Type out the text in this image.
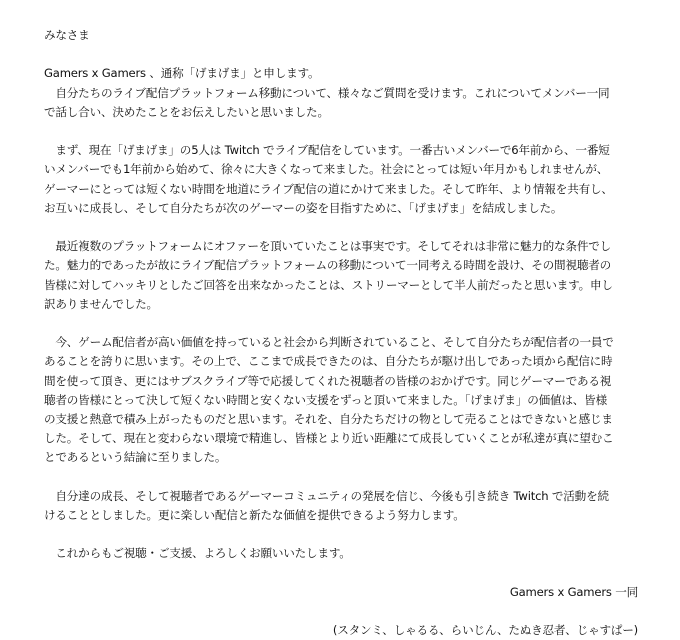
みなさま
Gamers x Gamers 、通称「げまげま」と申します。
　自分たちのライブ配信プラットフォーム移動について、様々なご質問を受けます。これについてメンバー一同
で話し合い、決めたことをお伝えしたいと思いました。
　まず、現在「げまげま」の5人は Twitch でライブ配信をしています。一番古いメンバーで6年前から、一番短
いメンバーでも1年前から始めて、徐々に大きくなって来ました。社会にとっては短い年月かもしれませんが、
ゲーマーにとっては短くない時間を地道にライブ配信の道にかけて来ました。そして昨年、より情報を共有し、
お互いに成長し、そして自分たちが次のゲーマーの姿を目指すために、「げまげま」を結成しました。
　最近複数のプラットフォームにオファーを頂いていたことは事実です。そしてそれは非常に魅力的な条件でし
た。魅力的であったが故にライブ配信プラットフォームの移動について一同考える時間を設け、その間視聴者の
皆様に対してハッキリとしたご回答を出来なかったことは、ストリーマーとして半人前だったと思います。申し
訳ありませんでした。
　今、ゲーム配信者が高い価値を持っていると社会から判断されていること、そして自分たちが配信者の一員で
あることを誇りに思います。その上で、ここまで成長できたのは、自分たちが駆け出しであった頃から配信に時
間を使って頂き、更にはサブスクライブ等で応援してくれた視聴者の皆様のおかげです。同じゲーマーである視
聴者の皆様にとって決して短くない時間と安くない支援をずっと頂いて来ました。「げまげま」の価値は、皆様
の支援と熱意で積み上がったものだと思います。それを、自分たちだけの物として売ることはできないと感じま
した。そして、現在と変わらない環境で精進し、皆様とより近い距離にて成長していくことが私達が真に望むこ
とであるという結論に至りました。
　自分達の成長、そして視聴者であるゲーマーコミュニティの発展を信じ、今後も引き続き Twitch で活動を続
けることとしました。更に楽しい配信と新たな価値を提供できるよう努力します。
　これからもご視聴・ご支援、よろしくお願いいたします。
Gamers x Gamers 一同
(スタンミ、しゃるる、らいじん、たぬき忍者、じゃすぱー)
